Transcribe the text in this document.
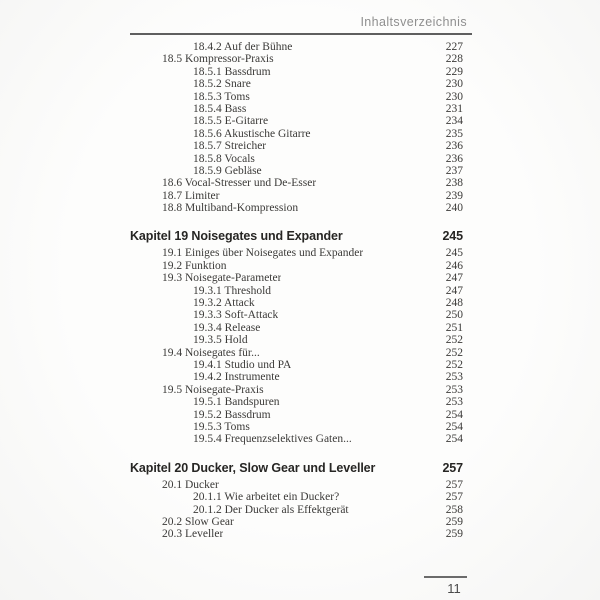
Inhaltsverzeichnis
18.4.2 Auf der Bühne	227
18.5 Kompressor-Praxis	228
18.5.1 Bassdrum	229
18.5.2 Snare	230
18.5.3 Toms	230
18.5.4 Bass	231
18.5.5 E-Gitarre	234
18.5.6 Akustische Gitarre	235
18.5.7 Streicher	236
18.5.8 Vocals	236
18.5.9 Gebläse	237
18.6 Vocal-Stresser und De-Esser	238
18.7 Limiter	239
18.8 Multiband-Kompression	240
Kapitel 19 Noisegates und Expander	245
19.1 Einiges über Noisegates und Expander	245
19.2 Funktion	246
19.3 Noisegate-Parameter	247
19.3.1 Threshold	247
19.3.2 Attack	248
19.3.3 Soft-Attack	250
19.3.4 Release	251
19.3.5 Hold	252
19.4 Noisegates für...	252
19.4.1 Studio und PA	252
19.4.2 Instrumente	253
19.5 Noisegate-Praxis	253
19.5.1 Bandspuren	253
19.5.2 Bassdrum	254
19.5.3 Toms	254
19.5.4 Frequenzselektives Gaten...	254
Kapitel 20 Ducker, Slow Gear und Leveller	257
20.1 Ducker	257
20.1.1 Wie arbeitet ein Ducker?	257
20.1.2 Der Ducker als Effektgerät	258
20.2 Slow Gear	259
20.3 Leveller	259
11
